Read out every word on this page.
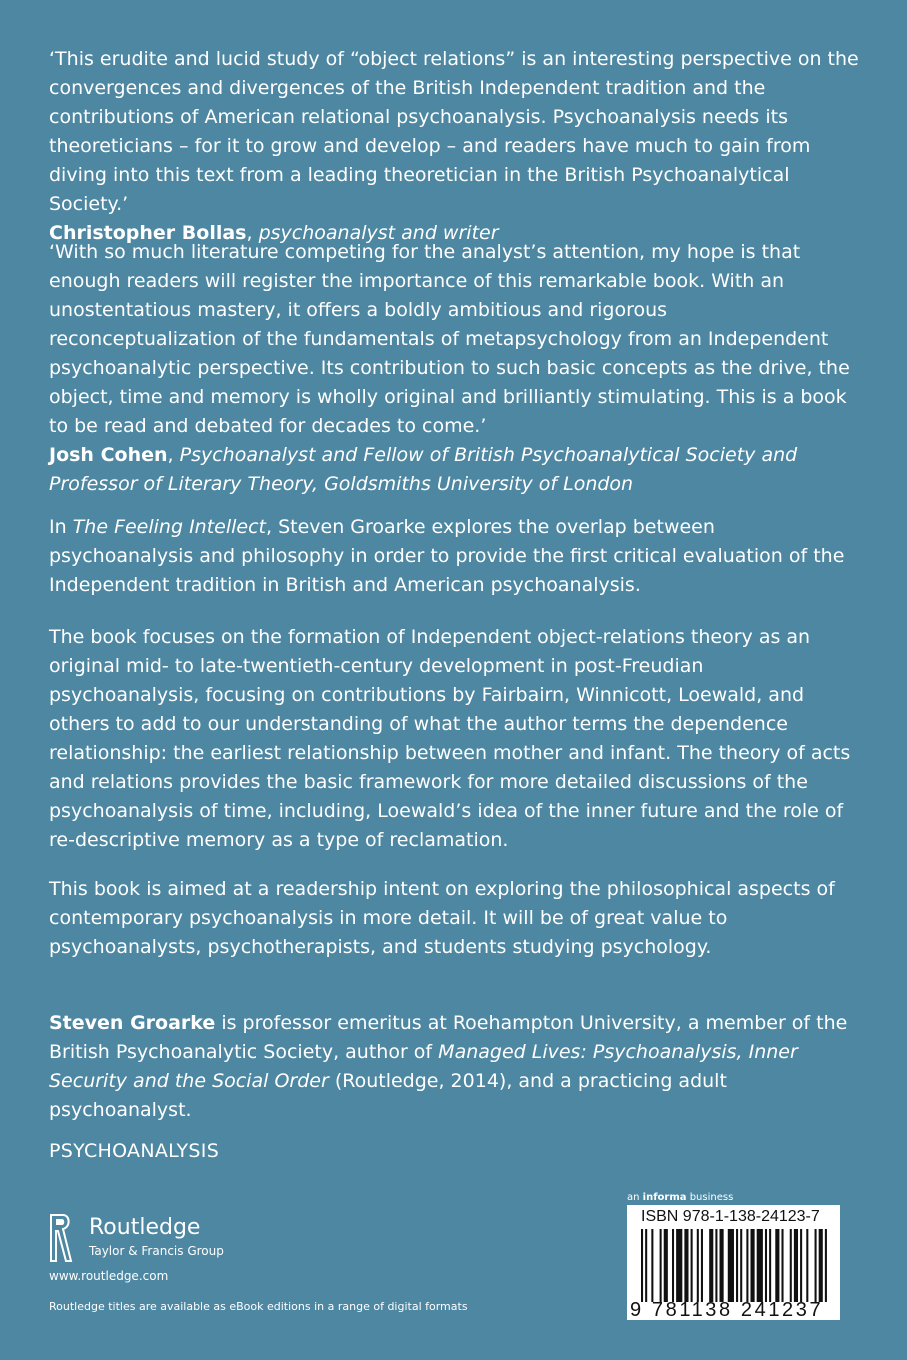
‘This erudite and lucid study of “object relations” is an interesting perspective on the convergences and divergences of the British Independent tradition and the contributions of American relational psychoanalysis. Psychoanalysis needs its theoreticians – for it to grow and develop – and readers have much to gain from diving into this text from a leading theoretician in the British Psychoanalytical Society.’

Christopher Bollas, psychoanalyst and writer

‘With so much literature competing for the analyst’s attention, my hope is that enough readers will register the importance of this remarkable book. With an unostentatious mastery, it offers a boldly ambitious and rigorous reconceptualization of the fundamentals of metapsychology from an Independent psychoanalytic perspective. Its contribution to such basic concepts as the drive, the object, time and memory is wholly original and brilliantly stimulating. This is a book to be read and debated for decades to come.’

Josh Cohen, Psychoanalyst and Fellow of British Psychoanalytical Society and Professor of Literary Theory, Goldsmiths University of London

In The Feeling Intellect, Steven Groarke explores the overlap between psychoanalysis and philosophy in order to provide the first critical evaluation of the Independent tradition in British and American psychoanalysis.

The book focuses on the formation of Independent object-relations theory as an original mid- to late-twentieth-century development in post-Freudian psychoanalysis, focusing on contributions by Fairbairn, Winnicott, Loewald, and others to add to our understanding of what the author terms the dependence relationship: the earliest relationship between mother and infant. The theory of acts and relations provides the basic framework for more detailed discussions of the psychoanalysis of time, including, Loewald’s idea of the inner future and the role of re-descriptive memory as a type of reclamation.

This book is aimed at a readership intent on exploring the philosophical aspects of contemporary psychoanalysis in more detail. It will be of great value to psychoanalysts, psychotherapists, and students studying psychology.

Steven Groarke is professor emeritus at Roehampton University, a member of the British Psychoanalytic Society, author of Managed Lives: Psychoanalysis, Inner Security and the Social Order (Routledge, 2014), and a practicing adult psychoanalyst.

PSYCHOANALYSIS
Routledge
Taylor & Francis Group
www.routledge.com
Routledge titles are available as eBook editions in a range of digital formats
an informa business
ISBN 978-1-138-24123-7
9 781138 241237
